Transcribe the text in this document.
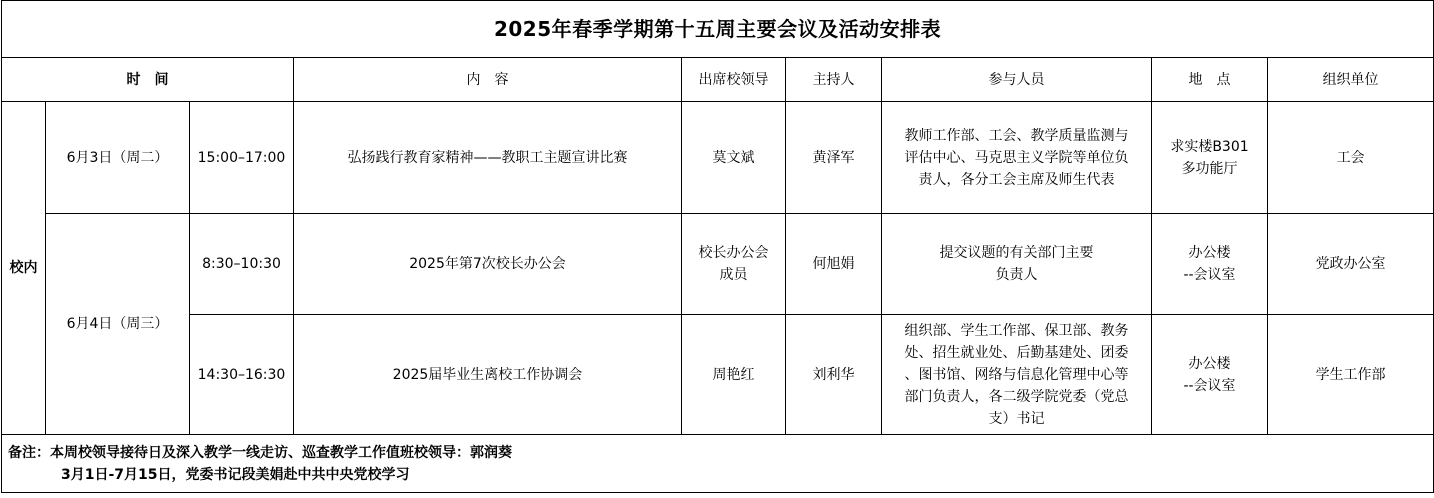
2025年春季学期第十五周主要会议及活动安排表								
时　间			内　容	出席校领导	主持人	参与人员	地　点	组织单位
校内	6月3日（周二）	15:00–17:00	弘扬践行教育家精神——教职工主题宣讲比赛	莫文斌	黄泽军	教师工作部、工会、教学质量监测与
评估中心、马克思主义学院等单位负
责人，各分工会主席及师生代表	求实楼B301
多功能厅	工会
	6月4日（周三）	8:30–10:30	2025年第7次校长办公会	校长办公会
成员	何旭娟	提交议题的有关部门主要
负责人	办公楼
--会议室	党政办公室
		14:30–16:30	2025届毕业生离校工作协调会	周艳红	刘利华	组织部、学生工作部、保卫部、教务
处、招生就业处、后勤基建处、团委
、图书馆、网络与信息化管理中心等
部门负责人，各二级学院党委（党总
支）书记	办公楼
--会议室	学生工作部

备注：本周校领导接待日及深入教学一线走访、巡查教学工作值班校领导：郭润葵
3月1日-7月15日，党委书记段美娟赴中共中央党校学习								
